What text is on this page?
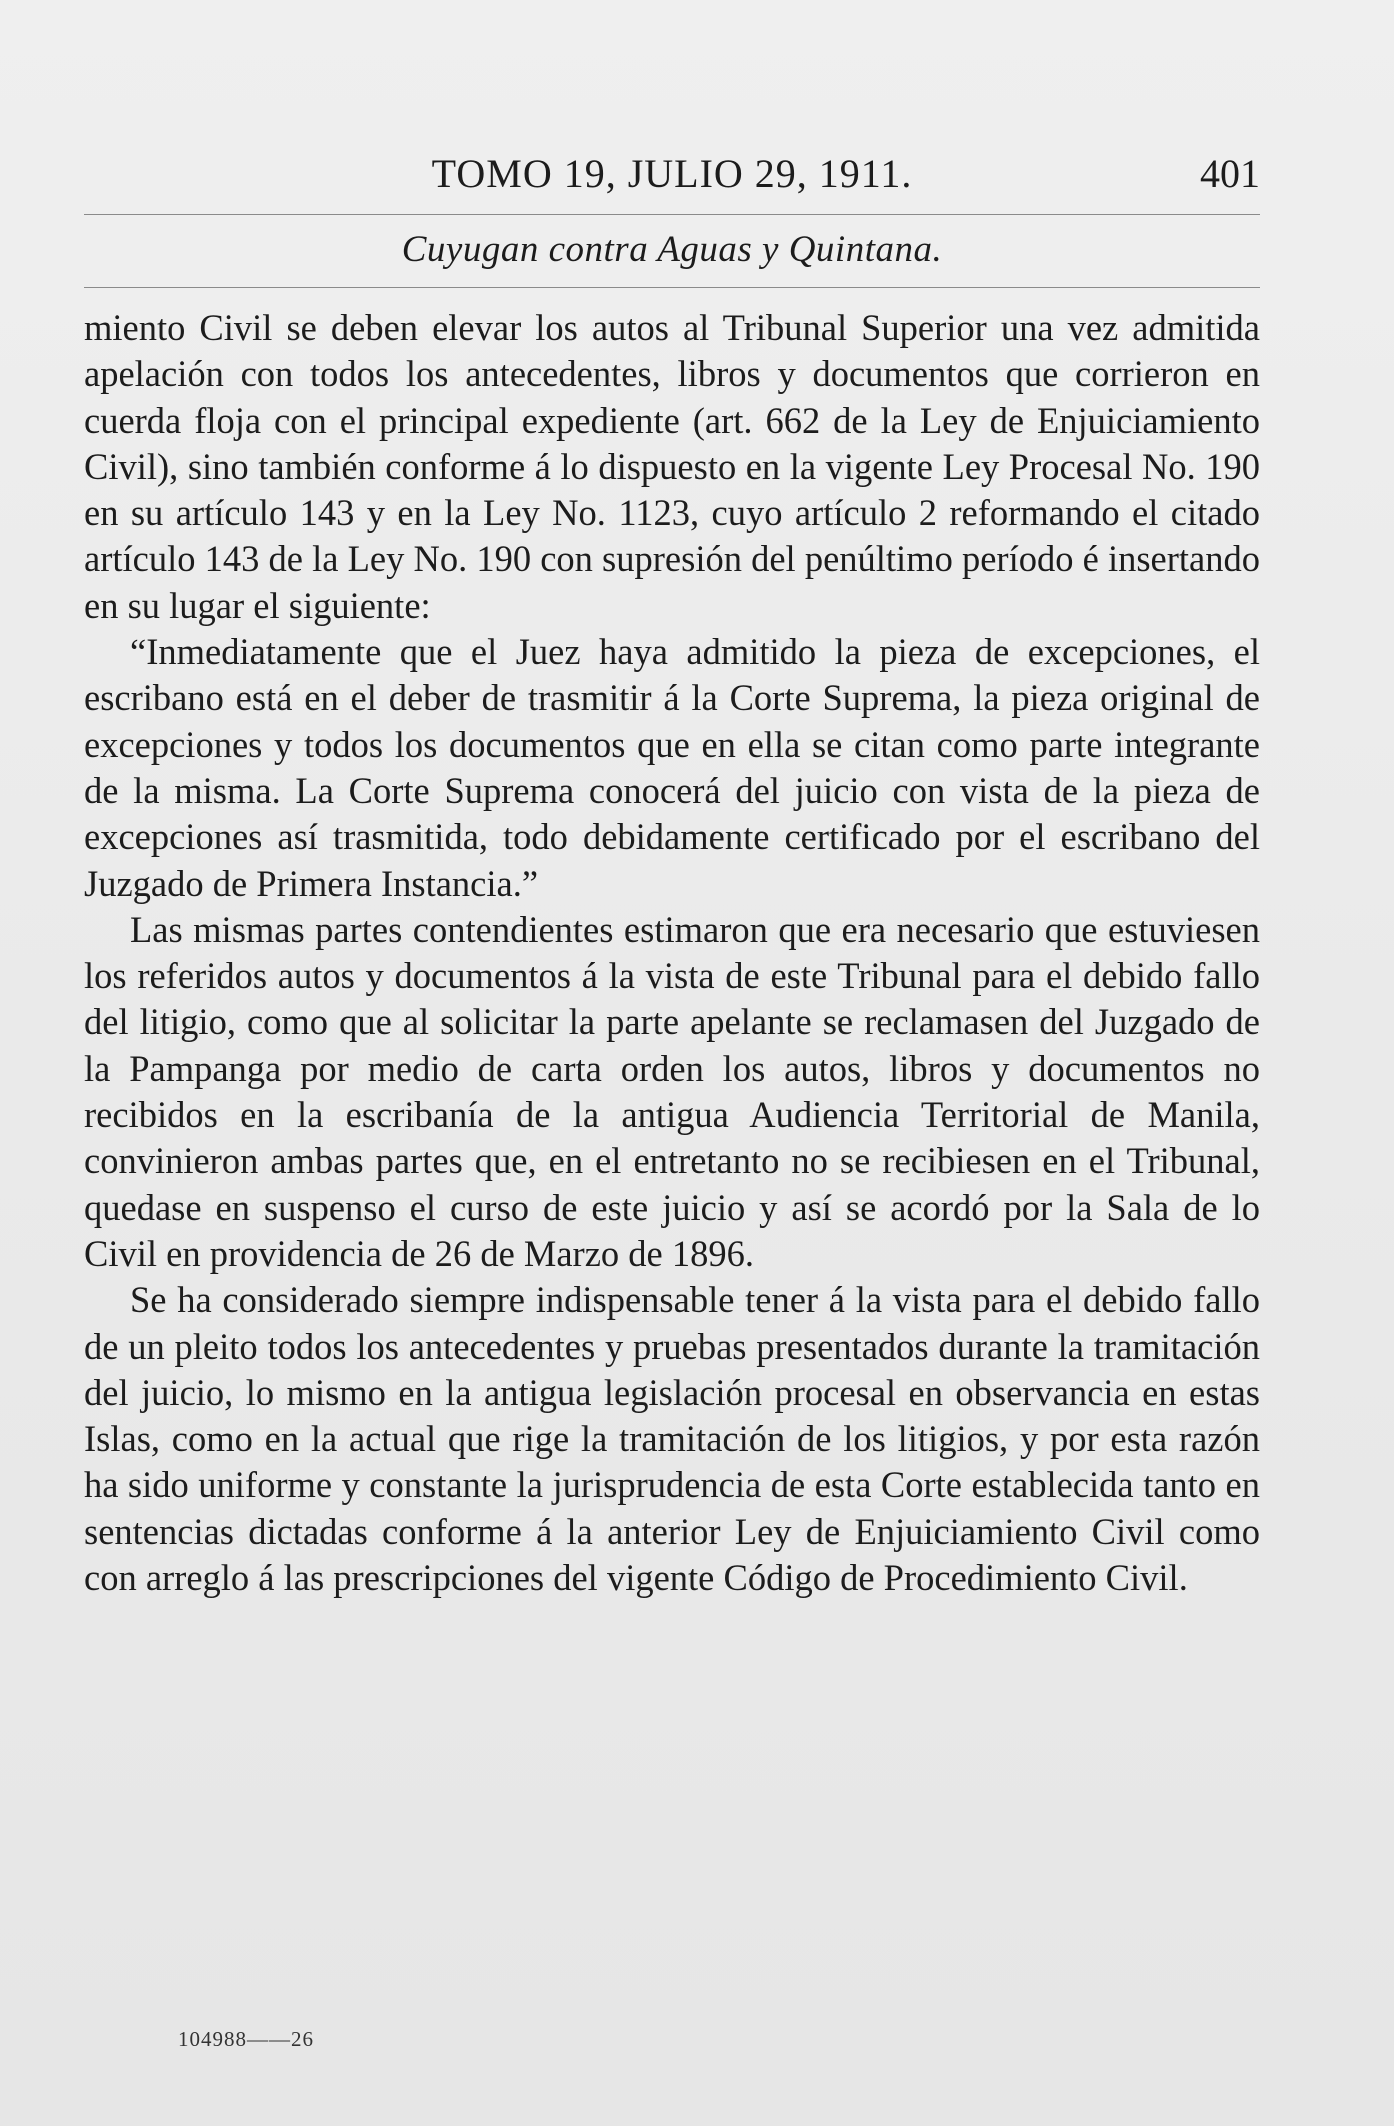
TOMO 19, JULIO 29, 1911.	401
Cuyugan contra Aguas y Quintana.

miento Civil se deben elevar los autos al Tribunal Superior una vez admitida apelación con todos los antecedentes, libros y documentos que corrieron en cuerda floja con el principal expediente (art. 662 de la Ley de Enjuiciamiento Civil), sino también conforme á lo dispuesto en la vigente Ley Procesal No. 190 en su artículo 143 y en la Ley No. 1123, cuyo artículo 2 reformando el citado artículo 143 de la Ley No. 190 con supresión del penúltimo período é insertando en su lugar el siguiente:

“Inmediatamente que el Juez haya admitido la pieza de excepciones, el escribano está en el deber de trasmitir á la Corte Suprema, la pieza original de excepciones y todos los documentos que en ella se citan como parte integrante de la misma. La Corte Suprema conocerá del juicio con vista de la pieza de excepciones así trasmitida, todo debidamente certificado por el escribano del Juzgado de Primera Instancia.”

Las mismas partes contendientes estimaron que era necesario que estuviesen los referidos autos y documentos á la vista de este Tribunal para el debido fallo del litigio, como que al solicitar la parte apelante se reclamasen del Juzgado de la Pampanga por medio de carta orden los autos, libros y documentos no recibidos en la escribanía de la antigua Audiencia Territorial de Manila, convinieron ambas partes que, en el entretanto no se recibiesen en el Tribunal, quedase en suspenso el curso de este juicio y así se acordó por la Sala de lo Civil en providencia de 26 de Marzo de 1896.

Se ha considerado siempre indispensable tener á la vista para el debido fallo de un pleito todos los antecedentes y pruebas presentados durante la tramitación del juicio, lo mismo en la antigua legislación procesal en observancia en estas Islas, como en la actual que rige la tramitación de los litigios, y por esta razón ha sido uniforme y constante la jurisprudencia de esta Corte establecida tanto en sentencias dictadas conforme á la anterior Ley de Enjuiciamiento Civil como con arreglo á las prescripciones del vigente Código de Procedimiento Civil.

104988——26
